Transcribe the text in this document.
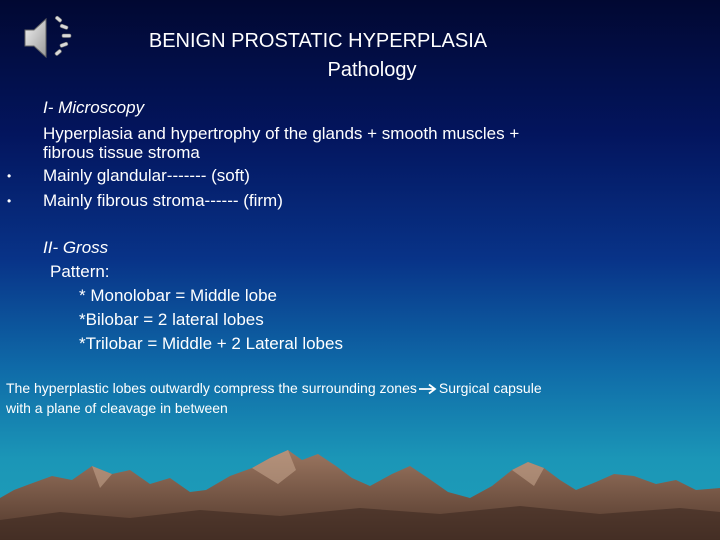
BENIGN PROSTATIC HYPERPLASIA
Pathology
I- Microscopy
Hyperplasia and hypertrophy of the glands + smooth muscles +
fibrous tissue stroma
• Mainly glandular------- (soft)
• Mainly fibrous stroma------ (firm)
II- Gross
Pattern:
* Monolobar = Middle lobe
*Bilobar = 2 lateral lobes
*Trilobar = Middle + 2 Lateral lobes
The hyperplastic lobes outwardly compress the surrounding zones Surgical capsule
with a plane of cleavage in between
